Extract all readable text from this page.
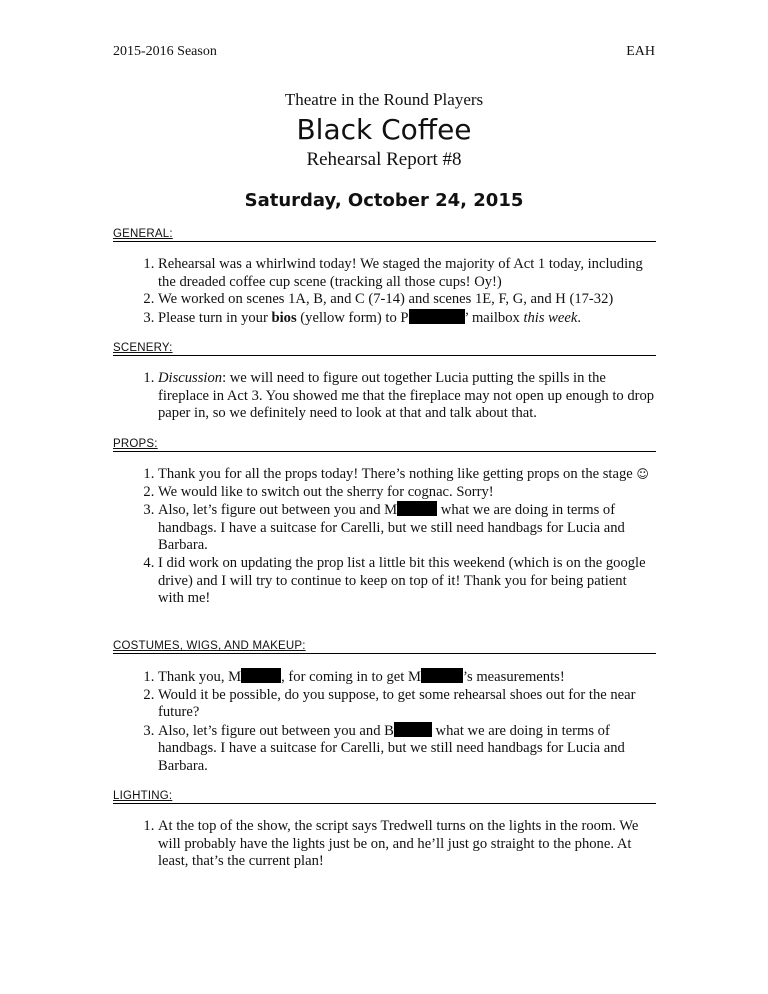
2015-2016 Season	EAH
Theatre in the Round Players
Black Coffee
Rehearsal Report #8
Saturday, October 24, 2015
GENERAL:
1. Rehearsal was a whirlwind today! We staged the majority of Act 1 today, including the dreaded coffee cup scene (tracking all those cups! Oy!)
2. We worked on scenes 1A, B, and C (7-14) and scenes 1E, F, G, and H (17-32)
3. Please turn in your bios (yellow form) to P	’ mailbox this week.
SCENERY:
1. Discussion: we will need to figure out together Lucia putting the spills in the fireplace in Act 3. You showed me that the fireplace may not open up enough to drop paper in, so we definitely need to look at that and talk about that.
PROPS:
1. Thank you for all the props today! There’s nothing like getting props on the stage ☺
2. We would like to switch out the sherry for cognac. Sorry!
3. Also, let’s figure out between you and M	what we are doing in terms of handbags. I have a suitcase for Carelli, but we still need handbags for Lucia and Barbara.
4. I did work on updating the prop list a little bit this weekend (which is on the google drive) and I will try to continue to keep on top of it! Thank you for being patient with me!
COSTUMES, WIGS, AND MAKEUP:
1. Thank you, M	, for coming in to get M	’s measurements!
2. Would it be possible, do you suppose, to get some rehearsal shoes out for the near future?
3. Also, let’s figure out between you and B	what we are doing in terms of handbags. I have a suitcase for Carelli, but we still need handbags for Lucia and Barbara.
LIGHTING:
1. At the top of the show, the script says Tredwell turns on the lights in the room. We will probably have the lights just be on, and he’ll just go straight to the phone. At least, that’s the current plan!
